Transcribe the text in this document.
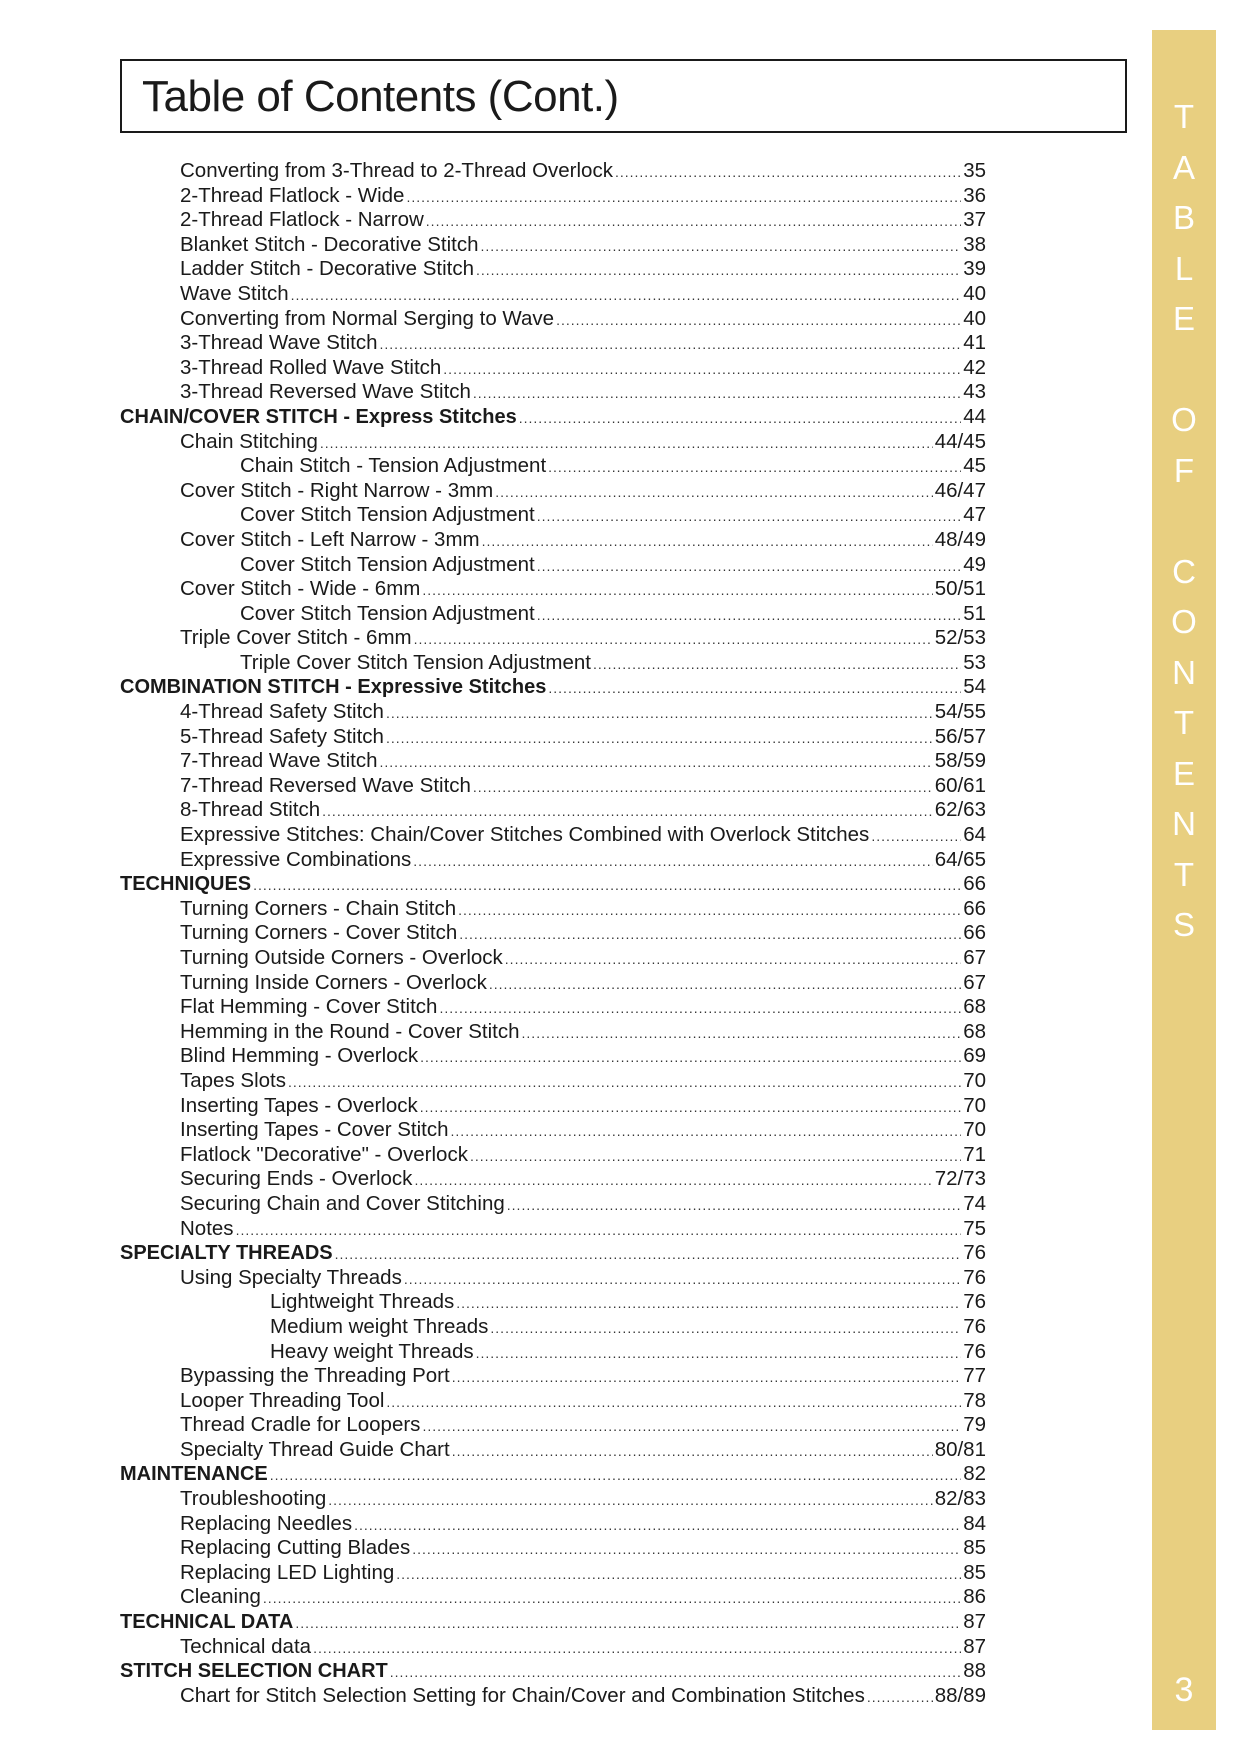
Table of Contents (Cont.)
Converting from 3-Thread to 2-Thread Overlock .....	35
2-Thread Flatlock - Wide .....	36
2-Thread Flatlock - Narrow .....	37
Blanket Stitch - Decorative Stitch .....	38
Ladder Stitch - Decorative Stitch .....	39
Wave Stitch .....	40
Converting from Normal Serging to Wave .....	40
3-Thread Wave Stitch .....	41
3-Thread Rolled Wave Stitch .....	42
3-Thread Reversed Wave Stitch .....	43
CHAIN/COVER STITCH - Express Stitches .....	44
Chain Stitching .....	44/45
Chain Stitch - Tension Adjustment .....	45
Cover Stitch - Right Narrow - 3mm .....	46/47
Cover Stitch Tension Adjustment .....	47
Cover Stitch - Left Narrow - 3mm .....	48/49
Cover Stitch Tension Adjustment .....	49
Cover Stitch - Wide - 6mm .....	50/51
Cover Stitch Tension Adjustment .....	51
Triple Cover Stitch - 6mm .....	52/53
Triple Cover Stitch Tension Adjustment .....	53
COMBINATION STITCH - Expressive Stitches .....	54
4-Thread Safety Stitch .....	54/55
5-Thread Safety Stitch .....	56/57
7-Thread Wave Stitch .....	58/59
7-Thread Reversed Wave Stitch .....	60/61
8-Thread Stitch .....	62/63
Expressive Stitches: Chain/Cover Stitches Combined with Overlock Stitches .....	64
Expressive Combinations .....	64/65
TECHNIQUES .....	66
Turning Corners - Chain Stitch .....	66
Turning Corners - Cover Stitch .....	66
Turning Outside Corners - Overlock .....	67
Turning Inside Corners - Overlock .....	67
Flat Hemming - Cover Stitch .....	68
Hemming in the Round - Cover Stitch .....	68
Blind Hemming - Overlock .....	69
Tapes Slots .....	70
Inserting Tapes - Overlock .....	70
Inserting Tapes - Cover Stitch .....	70
Flatlock "Decorative" - Overlock .....	71
Securing Ends - Overlock .....	72/73
Securing Chain and Cover Stitching .....	74
Notes .....	75
SPECIALTY THREADS .....	76
Using Specialty Threads .....	76
Lightweight Threads .....	76
Medium weight Threads .....	76
Heavy weight Threads .....	76
Bypassing the Threading Port .....	77
Looper Threading Tool .....	78
Thread Cradle for Loopers .....	79
Specialty Thread Guide Chart .....	80/81
MAINTENANCE .....	82
Troubleshooting .....	82/83
Replacing Needles .....	84
Replacing Cutting Blades .....	85
Replacing LED Lighting .....	85
Cleaning .....	86
TECHNICAL DATA .....	87
Technical data .....	87
STITCH SELECTION CHART .....	88
Chart for Stitch Selection Setting for Chain/Cover and Combination Stitches .....	88/89
T
A
B
L
E
O
F
C
O
N
T
E
N
T
S
3
